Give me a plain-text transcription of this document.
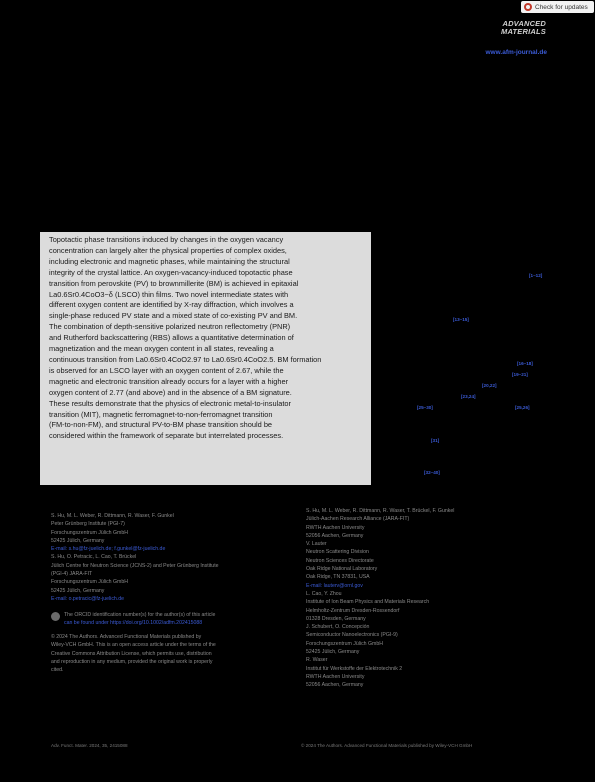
Check for updates
ADVANCED
MATERIALS
www.afm-journal.de

Topotactic phase transitions induced by changes in the oxygen vacancy

concentration can largely alter the physical properties of complex oxides,

including electronic and magnetic phases, while maintaining the structural

integrity of the crystal lattice. An oxygen-vacancy-induced topotactic phase

transition from perovskite (PV) to brownmillerite (BM) is achieved in epitaxial

La0.6Sr0.4CoO3−δ (LSCO) thin films. Two novel intermediate states with

different oxygen content are identified by X-ray diffraction, which involves a

single-phase reduced PV state and a mixed state of co-existing PV and BM.

The combination of depth-sensitive polarized neutron reflectometry (PNR)

and Rutherford backscattering (RBS) allows a quantitative determination of

magnetization and the mean oxygen content in all states, revealing a

continuous transition from La0.6Sr0.4CoO2.97 to La0.6Sr0.4CoO2.5. BM formation

is observed for an LSCO layer with an oxygen content of 2.67, while the

magnetic and electronic transition already occurs for a layer with a higher

oxygen content of 2.77 (and above) and in the absence of a BM signature.

These results demonstrate that the physics of electronic metal-to-insulator

transition (MIT), magnetic ferromagnet-to-non-ferromagnet transition

(FM-to-non-FM), and structural PV-to-BM phase transition should be

considered within the framework of separate but interrelated processes.

[1–12]
[13–15]
[16–18]
[19–21]
[20,22]
[23,24]
[25–30]	[25,26]
[31]
[32–40]
S. Hu, M. L. Weber, R. Dittmann, R. Waser, F. Gunkel
Peter Grünberg Institute (PGI-7)
Forschungszentrum Jülich GmbH
52425 Jülich, Germany
E-mail: s.hu@fz-juelich.de; f.gunkel@fz-juelich.de
S. Hu, O. Petracic, L. Cao, T. Brückel
Jülich Centre for Neutron Science (JCNS-2) and Peter Grünberg Institute
(PGI-4) JARA-FIT
Forschungszentrum Jülich GmbH
52425 Jülich, Germany
E-mail: o.petracic@fz-juelich.de
S. Hu, M. L. Weber, R. Dittmann, R. Waser, T. Brückel, F. Gunkel
Jülich-Aachen Research Alliance (JARA-FIT)
RWTH Aachen University
52056 Aachen, Germany
V. Lauter
Neutron Scattering Division
Neutron Sciences Directorate
Oak Ridge National Laboratory
Oak Ridge, TN 37831, USA
E-mail: lauterv@ornl.gov
L. Cao, Y. Zhou
Institute of Ion Beam Physics and Materials Research
Helmholtz-Zentrum Dresden-Rossendorf
01328 Dresden, Germany
J. Schubert, O. Concepción
Semiconductor Nanoelectronics (PGI-9)
Forschungszentrum Jülich GmbH
52425 Jülich, Germany
R. Waser
Institut für Werkstoffe der Elektrotechnik 2
RWTH Aachen University
52056 Aachen, Germany
The ORCID identification number(s) for the author(s) of this article
can be found under https://doi.org/10.1002/adfm.202415088
© 2024 The Authors. Advanced Functional Materials published by
Wiley-VCH GmbH. This is an open access article under the terms of the
Creative Commons Attribution License, which permits use, distribution
and reproduction in any medium, provided the original work is properly
cited.
Adv. Funct. Mater. 2024, 35, 2415088	© 2024 The Authors. Advanced Functional Materials published by Wiley-VCH GmbH
